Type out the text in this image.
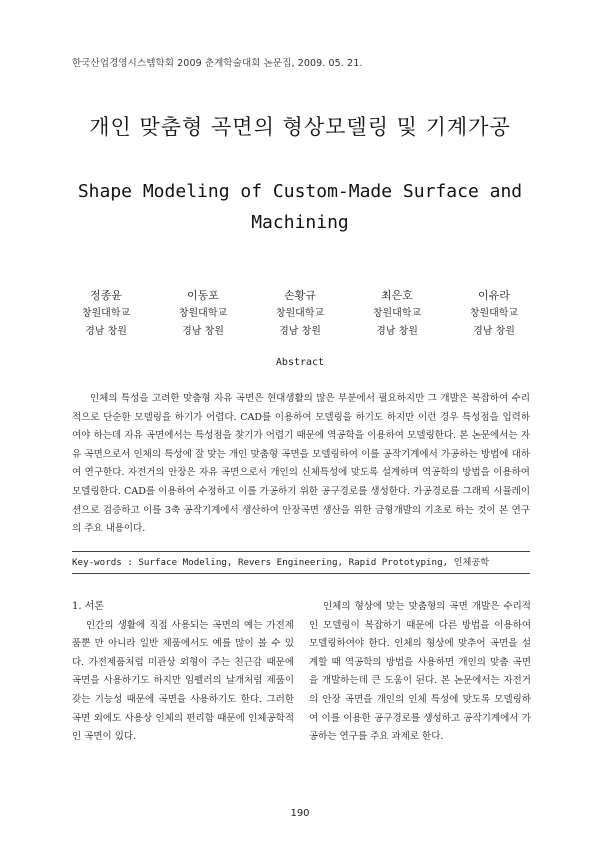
한국산업경영시스템학회 2009 춘계학술대회 논문집, 2009. 05. 21.
개인 맞춤형 곡면의 형상모델링 및 기계가공
Shape Modeling of Custom-Made Surface and Machining
정종윤
창원대학교
경남 창원
이동포
창원대학교
경남 창원
손황규
창원대학교
경남 창원
최은호
창원대학교
경남 창원
이유라
창원대학교
경남 창원
Abstract
인체의 특성을 고려한 맞춤형 자유 곡면은 현대생활의 많은 부분에서 필요하지만 그 개발은 복잡하여 수리적으로 단순한 모델링을 하기가 어렵다. CAD를 이용하여 모델링을 하기도 하지만 이런 경우 특성점을 입력하여야 하는데 자유 곡면에서는 특성점을 찾기가 어렵기 때문에 역공학을 이용하여 모델링한다. 본 논문에서는 자유 곡면으로서 인체의 특성에 잘 맞는 개인 맞춤형 곡면을 모델링하여 이를 공작기계에서 가공하는 방법에 대하여 연구한다. 자전거의 안장은 자유 곡면으로서 개인의 신체특성에 맞도록 설계하며 역공학의 방법을 이용하여 모델링한다. CAD를 이용하여 수정하고 이를 가공하기 위한 공구경로를 생성한다. 가공경로를 그래픽 시뮬레이션으로 검증하고 이를 3축 공작기계에서 생산하여 안장곡면 생산을 위한 금형개발의 기초로 하는 것이 본 연구의 주요 내용이다.
Key-words : Surface Modeling, Revers Engineering, Rapid Prototyping, 인체공학

1. 서론

인간의 생활에 직접 사용되는 곡면의 예는 가전제품뿐 만 아니라 일반 제품에서도 예를 많이 볼 수 있다. 가전제품처럼 미관상 외형이 주는 친근감 때문에 곡면을 사용하기도 하지만 임펠러의 날개처럼 제품이 갖는 기능성 때문에 곡면을 사용하기도 한다. 그러한 곡면 외에도 사용상 인체의 편리함 때문에 인체공학적인 곡면이 있다.

인체의 형상에 맞는 맞춤형의 곡면 개발은 수리적인 모델링이 복잡하기 때문에 다른 방법을 이용하여 모델링하여야 한다. 인체의 형상에 맞추어 곡면을 설계할 때 역공학의 방법을 사용하면 개인의 맞춤 곡면을 개발하는데 큰 도움이 된다. 본 논문에서는 자전거의 안장 곡면을 개인의 인체 특성에 맞도록 모델링하여 이를 이용한 공구경로를 생성하고 공작기계에서 가공하는 연구를 주요 과제로 한다.

190
